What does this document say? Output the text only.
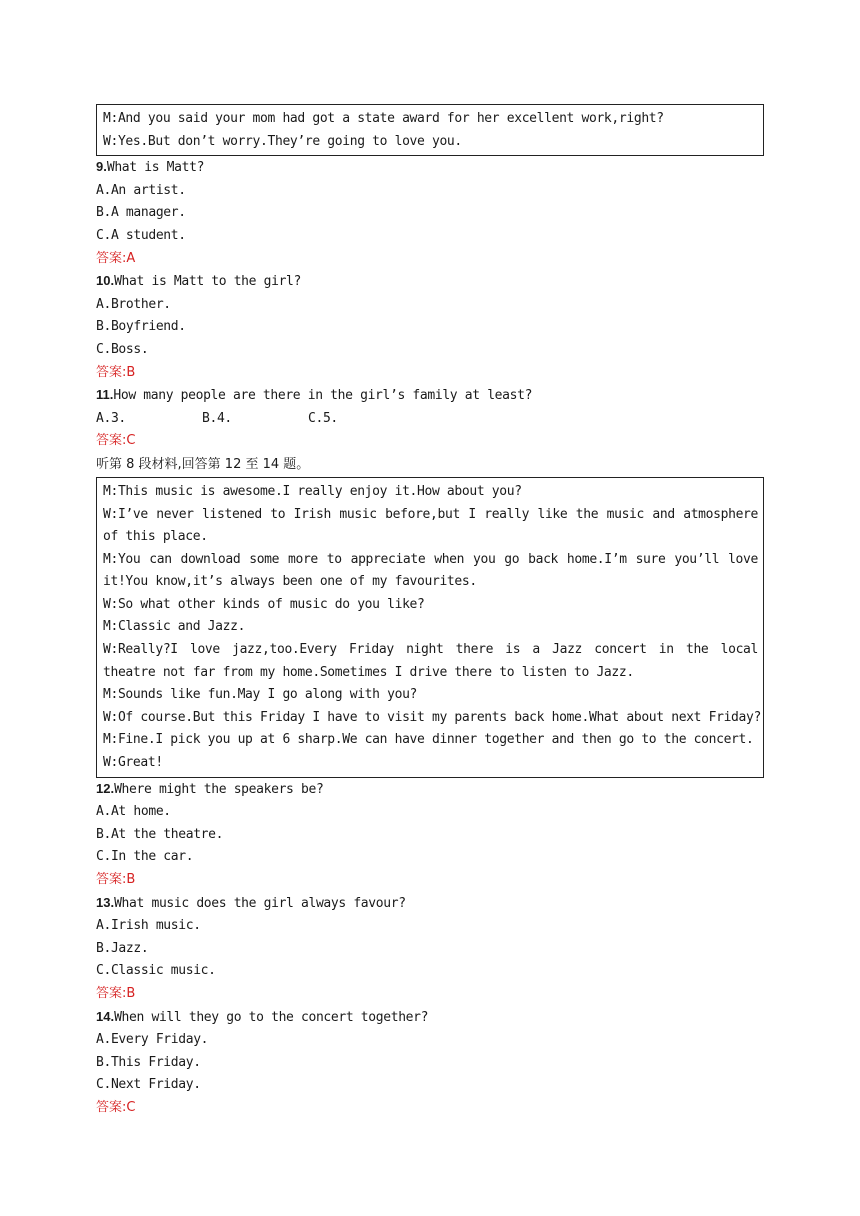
M:And you said your mom had got a state award for her excellent work,right?
W:Yes.But don’t worry.They’re going to love you.
9.What is Matt?
A.An artist.
B.A manager.
C.A student.
答案:A
10.What is Matt to the girl?
A.Brother.
B.Boyfriend.
C.Boss.
答案:B
11.How many people are there in the girl’s family at least?
A.3.	B.4.	C.5.
答案:C
听第 8 段材料,回答第 12 至 14 题。
M:This music is awesome.I really enjoy it.How about you?
W:I’ve never listened to Irish music before,but I really like the music and atmosphere of this place.
M:You can download some more to appreciate when you go back home.I’m sure you’ll love it!You know,it’s always been one of my favourites.
W:So what other kinds of music do you like?
M:Classic and Jazz.
W:Really?I love jazz,too.Every Friday night there is a Jazz concert in the local theatre not far from my home.Sometimes I drive there to listen to Jazz.
M:Sounds like fun.May I go along with you?
W:Of course.But this Friday I have to visit my parents back home.What about next Friday?
M:Fine.I pick you up at 6 sharp.We can have dinner together and then go to the concert.
W:Great!
12.Where might the speakers be?
A.At home.
B.At the theatre.
C.In the car.
答案:B
13.What music does the girl always favour?
A.Irish music.
B.Jazz.
C.Classic music.
答案:B
14.When will they go to the concert together?
A.Every Friday.
B.This Friday.
C.Next Friday.
答案:C
